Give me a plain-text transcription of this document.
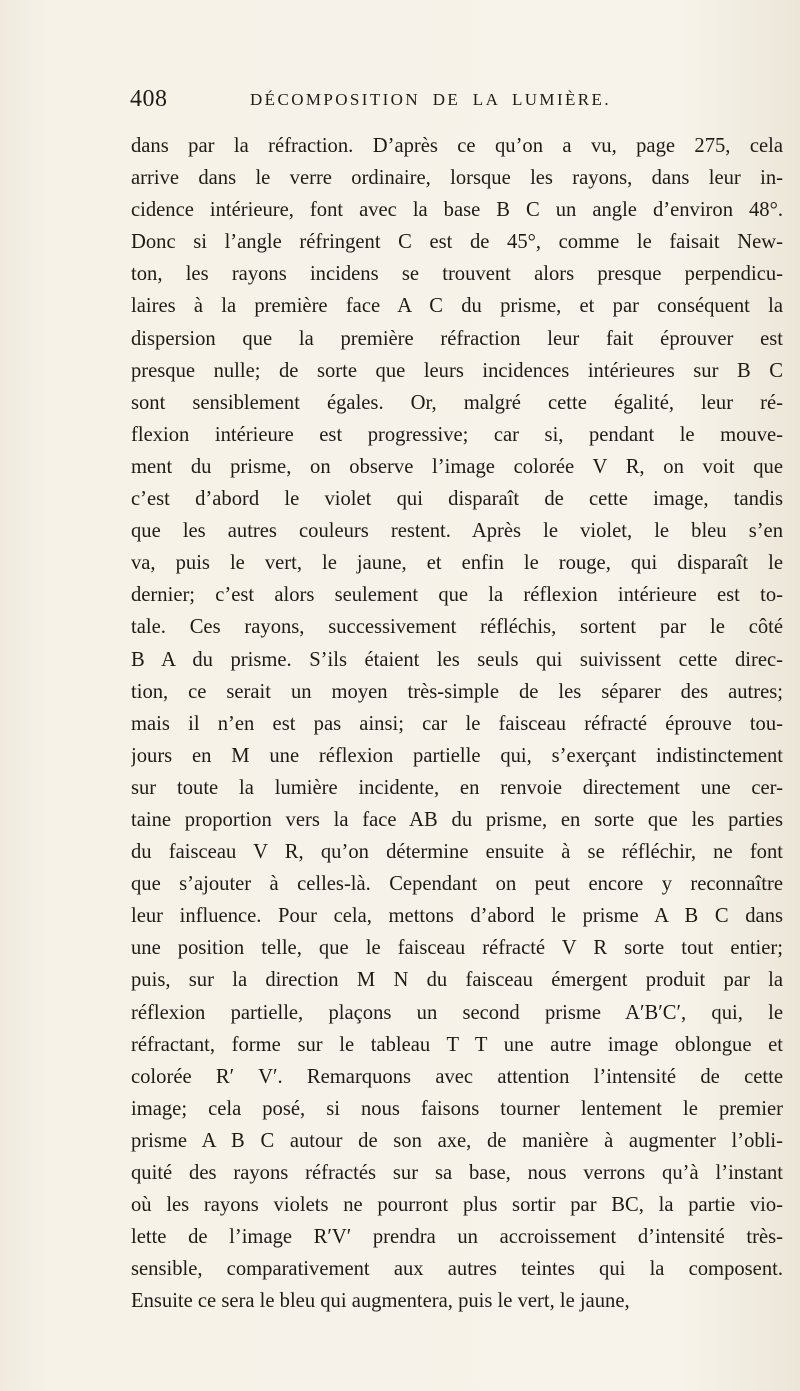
408	DÉCOMPOSITION DE LA LUMIÈRE.
dans par la réfraction. D’après ce qu’on a vu, page 275, cela
arrive dans le verre ordinaire, lorsque les rayons, dans leur in-
cidence intérieure, font avec la base B C un angle d’environ 48°.
Donc si l’angle réfringent C est de 45°, comme le faisait New-
ton, les rayons incidens se trouvent alors presque perpendicu-
laires à la première face A C du prisme, et par conséquent la
dispersion que la première réfraction leur fait éprouver est
presque nulle; de sorte que leurs incidences intérieures sur B C
sont sensiblement égales. Or, malgré cette égalité, leur ré-
flexion intérieure est progressive; car si, pendant le mouve-
ment du prisme, on observe l’image colorée V R, on voit que
c’est d’abord le violet qui disparaît de cette image, tandis
que les autres couleurs restent. Après le violet, le bleu s’en
va, puis le vert, le jaune, et enfin le rouge, qui disparaît le
dernier; c’est alors seulement que la réflexion intérieure est to-
tale. Ces rayons, successivement réfléchis, sortent par le côté
B A du prisme. S’ils étaient les seuls qui suivissent cette direc-
tion, ce serait un moyen très-simple de les séparer des autres;
mais il n’en est pas ainsi; car le faisceau réfracté éprouve tou-
jours en M une réflexion partielle qui, s’exerçant indistinctement
sur toute la lumière incidente, en renvoie directement une cer-
taine proportion vers la face AB du prisme, en sorte que les parties
du faisceau V R, qu’on détermine ensuite à se réfléchir, ne font
que s’ajouter à celles-là. Cependant on peut encore y reconnaître
leur influence. Pour cela, mettons d’abord le prisme A B C dans
une position telle, que le faisceau réfracté V R sorte tout entier;
puis, sur la direction M N du faisceau émergent produit par la
réflexion partielle, plaçons un second prisme A′B′C′, qui, le
réfractant, forme sur le tableau T T une autre image oblongue et
colorée R′ V′. Remarquons avec attention l’intensité de cette
image; cela posé, si nous faisons tourner lentement le premier
prisme A B C autour de son axe, de manière à augmenter l’obli-
quité des rayons réfractés sur sa base, nous verrons qu’à l’instant
où les rayons violets ne pourront plus sortir par BC, la partie vio-
lette de l’image R′V′ prendra un accroissement d’intensité très-
sensible, comparativement aux autres teintes qui la composent.
Ensuite ce sera le bleu qui augmentera, puis le vert, le jaune,
